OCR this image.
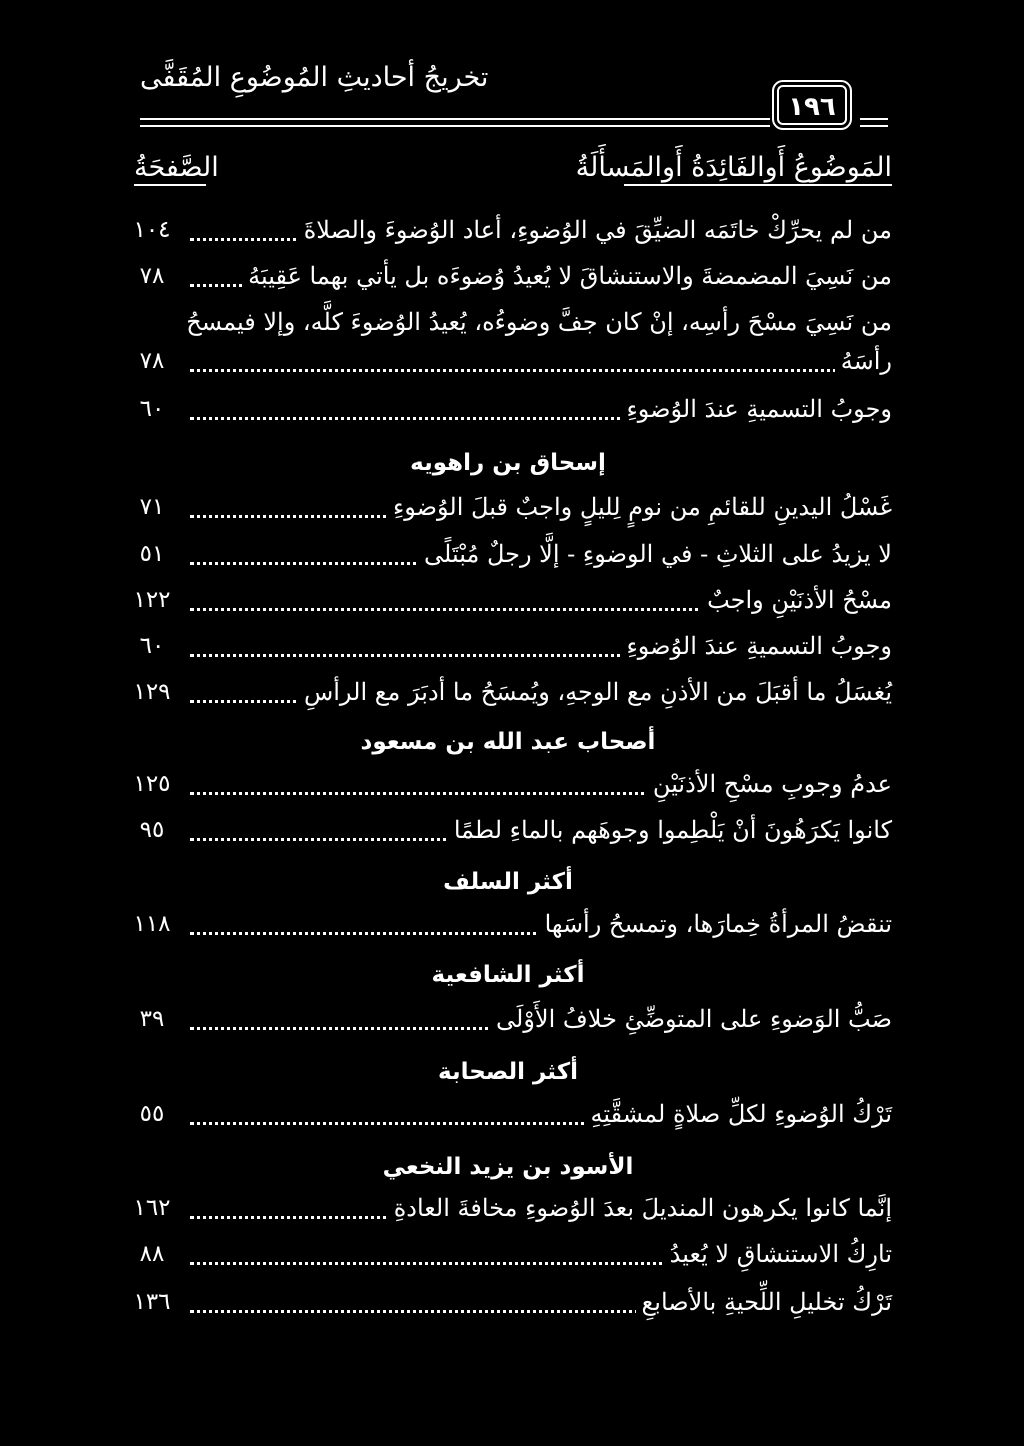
تخريجُ أحاديثِ المُوضُوعِ المُقَفَّى
١٩٦
المَوضُوعُ أَوالفَائِدَةُ أَوالمَسأَلَةُ
الصَّفحَةُ
من لم يحرِّكْ خاتَمَه الضيِّقَ في الوُضوءِ، أعاد الوُضوءَ والصلاةَ
١٠٤
من نَسِيَ المضمضةَ والاستنشاقَ لا يُعيدُ وُضوءَه بل يأتي بهما عَقِيبَهُ
٧٨
من نَسِيَ مسْحَ رأسِه، إنْ كان جفَّ وضوءُه، يُعيدُ الوُضوءَ كلَّه، وإلا فيمسحُ
رأسَهُ
٧٨
وجوبُ التسميةِ عندَ الوُضوءِ
٦٠
إسحاق بن راهويه
غَسْلُ اليدينِ للقائمِ من نومٍ لِليلٍ واجبٌ قبلَ الوُضوءِ
٧١
لا يزيدُ على الثلاثِ - في الوضوءِ - إلَّا رجلٌ مُبْتَلًى
٥١
مسْحُ الأذنَيْنِ واجبٌ
١٢٢
وجوبُ التسميةِ عندَ الوُضوءِ
٦٠
يُغسَلُ ما أقبَلَ من الأذنِ مع الوجهِ، ويُمسَحُ ما أدبَرَ مع الرأسِ
١٢٩
أصحاب عبد الله بن مسعود
عدمُ وجوبِ مسْحِ الأذنَيْنِ
١٢٥
كانوا يَكرَهُونَ أنْ يَلْطِموا وجوهَهم بالماءِ لطمًا
٩٥
أكثر السلف
تنقضُ المرأةُ خِمارَها، وتمسحُ رأسَها
١١٨
أكثر الشافعية
صَبُّ الوَضوءِ على المتوضِّئِ خلافُ الأَوْلَى
٣٩
أكثر الصحابة
تَرْكُ الوُضوءِ لكلِّ صلاةٍ لمشقَّتِهِ
٥٥
الأسود بن يزيد النخعي
إنَّما كانوا يكرهون المنديلَ بعدَ الوُضوءِ مخافةَ العادةِ
١٦٢
تارِكُ الاستنشاقِ لا يُعيدُ
٨٨
تَرْكُ تخليلِ اللِّحيةِ بالأصابعِ
١٣٦
